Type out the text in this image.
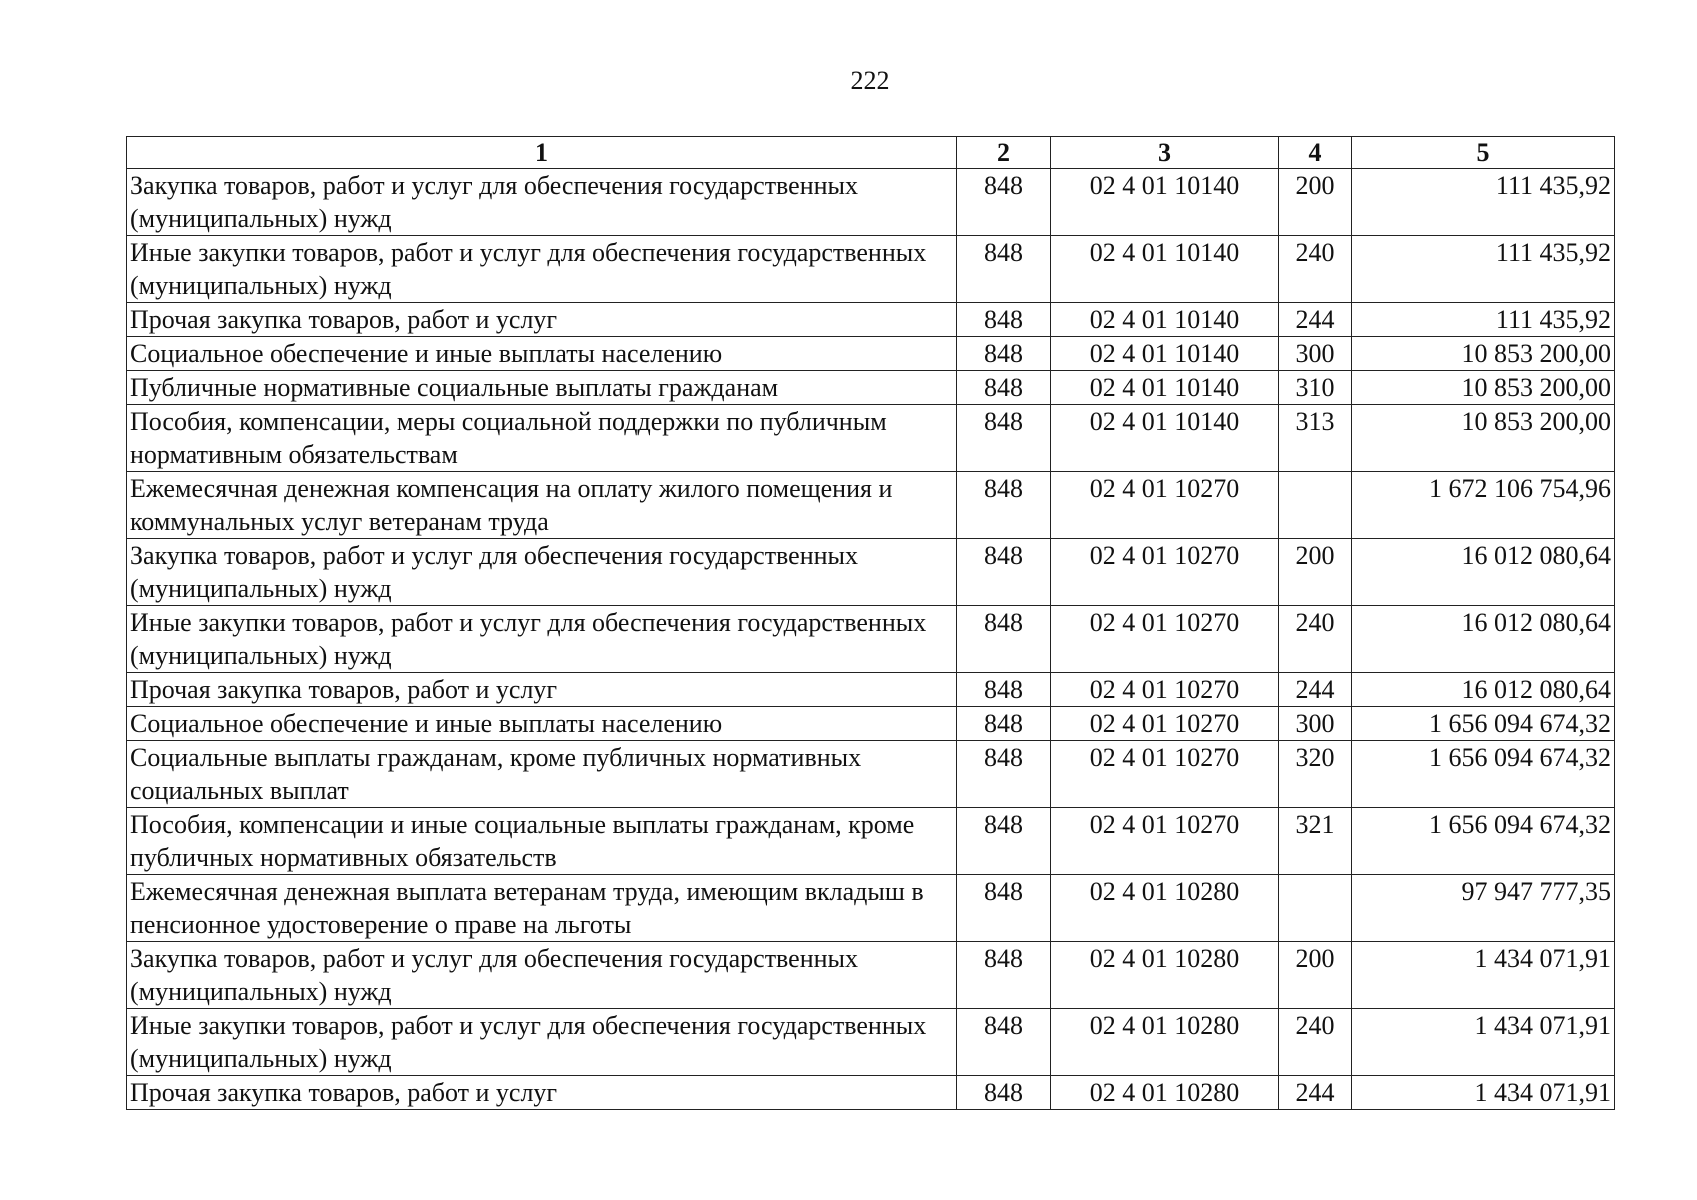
222
1	2	3	4	5
Закупка товаров, работ и услуг для обеспечения государственных (муниципальных) нужд	848	02 4 01 10140	200	111 435,92
Иные закупки товаров, работ и услуг для обеспечения государственных (муниципальных) нужд	848	02 4 01 10140	240	111 435,92
Прочая закупка товаров, работ и услуг	848	02 4 01 10140	244	111 435,92
Социальное обеспечение и иные выплаты населению	848	02 4 01 10140	300	10 853 200,00
Публичные нормативные социальные выплаты гражданам	848	02 4 01 10140	310	10 853 200,00
Пособия, компенсации, меры социальной поддержки по публичным нормативным обязательствам	848	02 4 01 10140	313	10 853 200,00
Ежемесячная денежная компенсация на оплату жилого помещения и коммунальных услуг ветеранам труда	848	02 4 01 10270		1 672 106 754,96
Закупка товаров, работ и услуг для обеспечения государственных (муниципальных) нужд	848	02 4 01 10270	200	16 012 080,64
Иные закупки товаров, работ и услуг для обеспечения государственных (муниципальных) нужд	848	02 4 01 10270	240	16 012 080,64
Прочая закупка товаров, работ и услуг	848	02 4 01 10270	244	16 012 080,64
Социальное обеспечение и иные выплаты населению	848	02 4 01 10270	300	1 656 094 674,32
Социальные выплаты гражданам, кроме публичных нормативных социальных выплат	848	02 4 01 10270	320	1 656 094 674,32
Пособия, компенсации и иные социальные выплаты гражданам, кроме публичных нормативных обязательств	848	02 4 01 10270	321	1 656 094 674,32
Ежемесячная денежная выплата ветеранам труда, имеющим вкладыш в пенсионное удостоверение о праве на льготы	848	02 4 01 10280		97 947 777,35
Закупка товаров, работ и услуг для обеспечения государственных (муниципальных) нужд	848	02 4 01 10280	200	1 434 071,91
Иные закупки товаров, работ и услуг для обеспечения государственных (муниципальных) нужд	848	02 4 01 10280	240	1 434 071,91
Прочая закупка товаров, работ и услуг	848	02 4 01 10280	244	1 434 071,91
